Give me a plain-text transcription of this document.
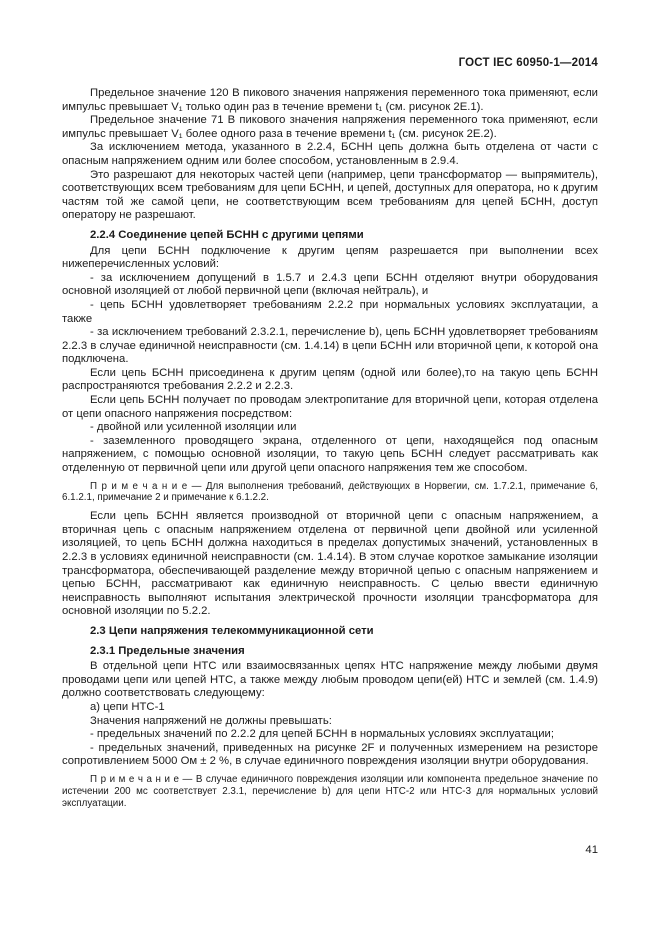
ГОСТ IEC 60950-1—2014

Предельное значение 120 В пикового значения напряжения переменного тока применяют, если импульс превышает V₁ только один раз в течение времени t₁ (см. рисунок 2Е.1).

Предельное значение 71 В пикового значения напряжения переменного тока применяют, если импульс превышает V₁ более одного раза в течение времени t₁ (см. рисунок 2Е.2).

За исключением метода, указанного в 2.2.4, БСНН цепь должна быть отделена от части с опасным напряжением одним или более способом, установленным в 2.9.4.

Это разрешают для некоторых частей цепи (например, цепи трансформатор — выпрямитель), соответствующих всем требованиям для цепи БСНН, и цепей, доступных для оператора, но к другим частям той же самой цепи, не соответствующим всем требованиям для цепей БСНН, доступ оператору не разрешают.

2.2.4 Соединение цепей БСНН с другими цепями

Для цепи БСНН подключение к другим цепям разрешается при выполнении всех нижеперечисленных условий:

- за исключением допущений в 1.5.7 и 2.4.3 цепи БСНН отделяют внутри оборудования основной изоляцией от любой первичной цепи (включая нейтраль), и

- цепь БСНН удовлетворяет требованиям 2.2.2 при нормальных условиях эксплуатации, а также

- за исключением требований 2.3.2.1, перечисление b), цепь БСНН удовлетворяет требованиям 2.2.3 в случае единичной неисправности (см. 1.4.14) в цепи БСНН или вторичной цепи, к которой она подключена.

Если цепь БСНН присоединена к другим цепям (одной или более),то на такую цепь БСНН распространяются требования 2.2.2 и 2.2.3.

Если цепь БСНН получает по проводам электропитание для вторичной цепи, которая отделена от цепи опасного напряжения посредством:

- двойной или усиленной изоляции или

- заземленного проводящего экрана, отделенного от цепи, находящейся под опасным напряжением, с помощью основной изоляции, то такую цепь БСНН следует рассматривать как отделенную от первичной цепи или другой цепи опасного напряжения тем же способом.

П р и м е ч а н и е — Для выполнения требований, действующих в Норвегии, см. 1.7.2.1, примечание 6, 6.1.2.1, примечание 2 и примечание к 6.1.2.2.

Если цепь БСНН является производной от вторичной цепи с опасным напряжением, а вторичная цепь с опасным напряжением отделена от первичной цепи двойной или усиленной изоляцией, то цепь БСНН должна находиться в пределах допустимых значений, установленных в 2.2.3 в условиях единичной неисправности (см. 1.4.14). В этом случае короткое замыкание изоляции трансформатора, обеспечивающей разделение между вторичной цепью с опасным напряжением и цепью БСНН, рассматривают как единичную неисправность. С целью ввести единичную неисправность выполняют испытания электрической прочности изоляции трансформатора для основной изоляции по 5.2.2.

2.3 Цепи напряжения телекоммуникационной сети

2.3.1 Предельные значения

В отдельной цепи НТС или взаимосвязанных цепях НТС напряжение между любыми двумя проводами цепи или цепей НТС, а также между любым проводом цепи(ей) НТС и землей (см. 1.4.9) должно соответствовать следующему:

а) цепи НТС-1

Значения напряжений не должны превышать:

- предельных значений по 2.2.2 для цепей БСНН в нормальных условиях эксплуатации;

- предельных значений, приведенных на рисунке 2F и полученных измерением на резисторе сопротивлением 5000 Ом ± 2 %, в случае единичного повреждения изоляции внутри оборудования.

П р и м е ч а н и е — В случае единичного повреждения изоляции или компонента предельное значение по истечении 200 мс соответствует 2.3.1, перечисление b) для цепи НТС-2 или НТС-3 для нормальных условий эксплуатации.

41
